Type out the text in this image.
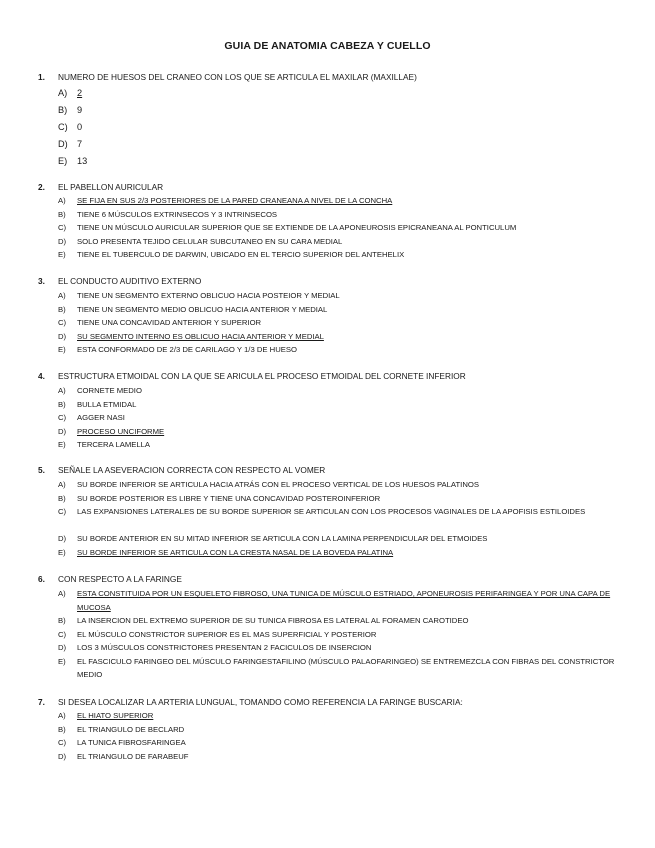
GUIA DE ANATOMIA CABEZA Y CUELLO
1. NUMERO DE HUESOS DEL CRANEO CON LOS QUE SE ARTICULA EL MAXILAR (MAXILLAE)
A) 2
B) 9
C) 0
D) 7
E) 13
2. EL PABELLON AURICULAR
A) SE FIJA EN SUS 2/3 POSTERIORES DE LA PARED CRANEANA A NIVEL DE LA CONCHA
B) TIENE 6 MÚSCULOS EXTRINSECOS Y 3 INTRINSECOS
C) TIENE UN MÚSCULO AURICULAR SUPERIOR QUE SE EXTIENDE DE LA APONEUROSIS EPICRANEANA AL PONTICULUM
D) SOLO PRESENTA TEJIDO CELULAR SUBCUTANEO EN SU CARA MEDIAL
E) TIENE EL TUBERCULO DE DARWIN, UBICADO EN EL TERCIO SUPERIOR DEL ANTEHELIX
3. EL CONDUCTO AUDITIVO EXTERNO
A) TIENE UN SEGMENTO EXTERNO OBLICUO HACIA POSTEIOR Y MEDIAL
B) TIENE UN SEGMENTO MEDIO OBLICUO HACIA ANTERIOR Y MEDIAL
C) TIENE UNA CONCAVIDAD ANTERIOR Y SUPERIOR
D) SU SEGMENTO INTERNO ES OBLICUO HACIA ANTERIOR Y MEDIAL
E) ESTA CONFORMADO DE 2/3 DE CARILAGO Y 1/3 DE HUESO
4. ESTRUCTURA ETMOIDAL CON LA QUE SE ARICULA EL PROCESO ETMOIDAL DEL CORNETE INFERIOR
A) CORNETE MEDIO
B) BULLA ETMIDAL
C) AGGER NASI
D) PROCESO UNCIFORME
E) TERCERA LAMELLA
5. SEÑALE LA ASEVERACION CORRECTA CON RESPECTO AL VOMER
A) SU BORDE INFERIOR SE ARTICULA HACIA ATRÁS CON EL PROCESO VERTICAL DE LOS HUESOS PALATINOS
B) SU BORDE POSTERIOR ES LIBRE Y TIENE UNA CONCAVIDAD POSTEROINFERIOR
C) LAS EXPANSIONES LATERALES DE SU BORDE SUPERIOR SE ARTICULAN CON LOS PROCESOS VAGINALES DE LA APOFISIS ESTILOIDES
D) SU BORDE ANTERIOR EN SU MITAD INFERIOR SE ARTICULA CON LA LAMINA PERPENDICULAR DEL ETMOIDES
E) SU BORDE INFERIOR SE ARTICULA CON LA CRESTA NASAL DE LA BOVEDA PALATINA
6. CON RESPECTO A LA FARINGE
A) ESTA CONSTITUIDA POR UN ESQUELETO FIBROSO, UNA TUNICA DE MÚSCULO ESTRIADO, APONEUROSIS PERIFARINGEA Y POR UNA CAPA DE MUCOSA
B) LA INSERCION DEL EXTREMO SUPERIOR DE SU TUNICA FIBROSA ES LATERAL AL FORAMEN CAROTIDEO
C) EL MÚSCULO CONSTRICTOR SUPERIOR ES EL MAS SUPERFICIAL Y POSTERIOR
D) LOS 3 MÚSCULOS CONSTRICTORES PRESENTAN 2 FACICULOS DE INSERCION
E) EL FASCICULO FARINGEO DEL MÚSCULO FARINGESTAFILINO (MÚSCULO PALAOFARINGEO) SE ENTREMEZCLA CON FIBRAS DEL CONSTRICTOR MEDIO
7. SI DESEA LOCALIZAR LA ARTERIA LUNGUAL, TOMANDO COMO REFERENCIA LA FARINGE BUSCARIA:
A) EL HIATO SUPERIOR
B) EL TRIANGULO DE BECLARD
C) LA TUNICA FIBROSFARINGEA
D) EL TRIANGULO DE FARABEUF
